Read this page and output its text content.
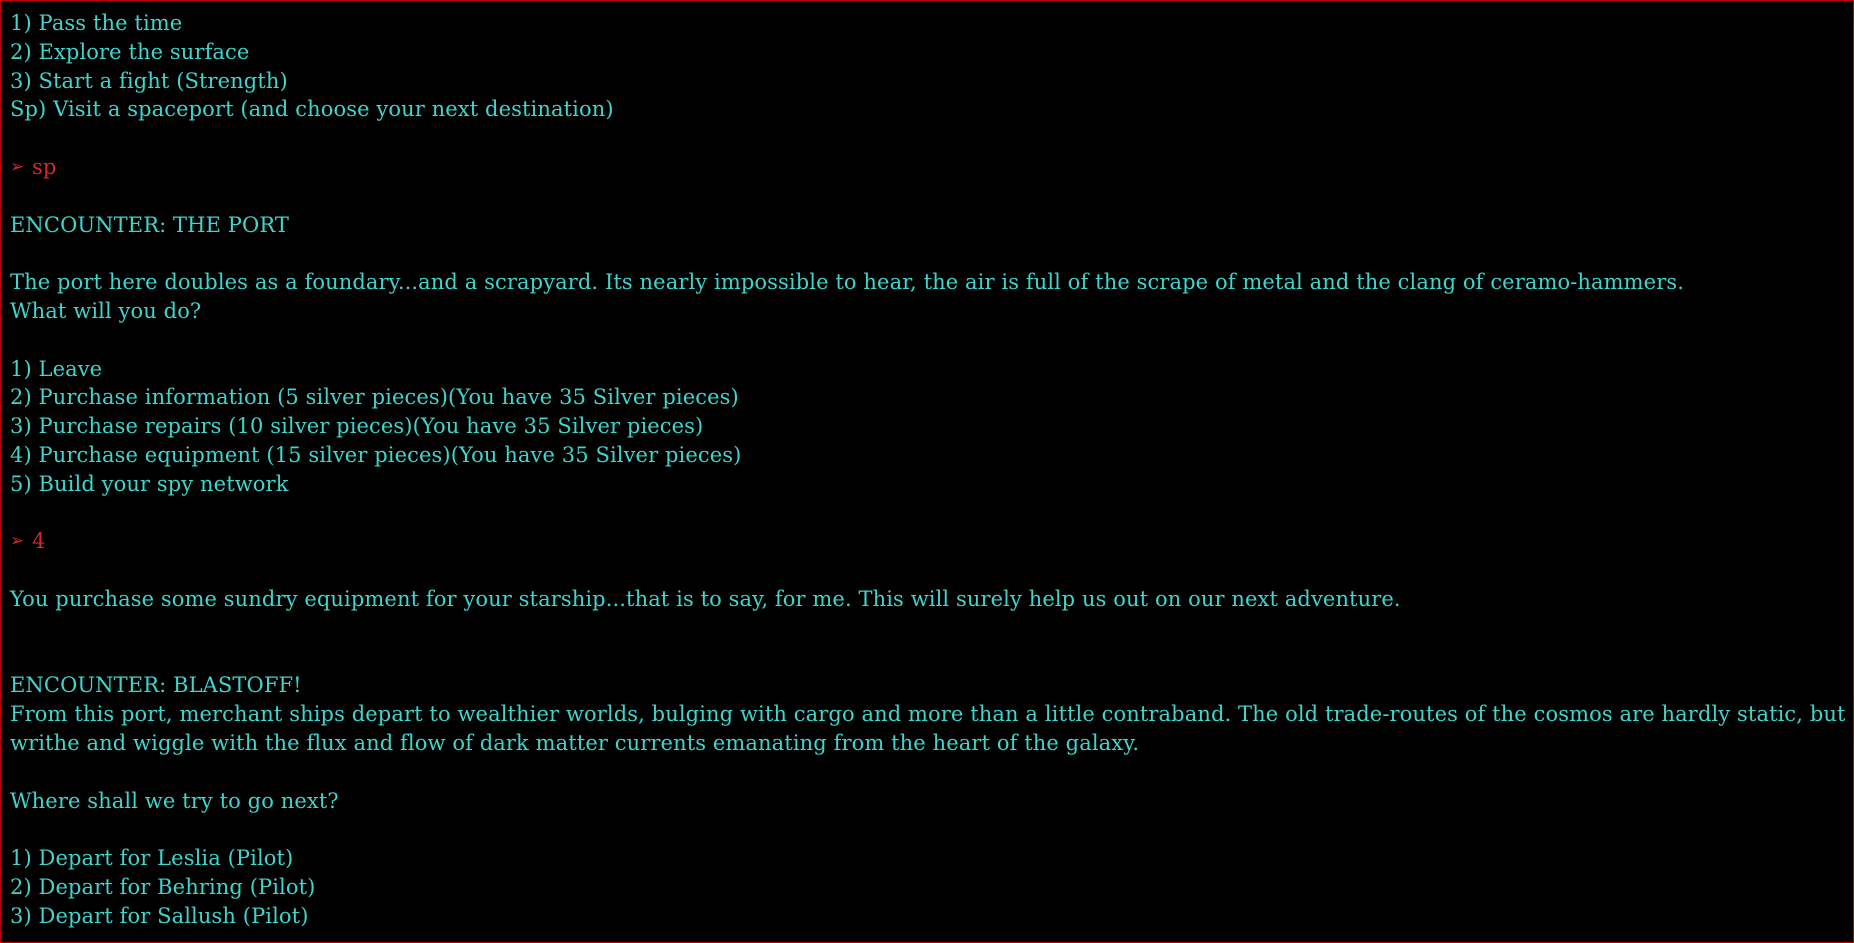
1) Pass the time
2) Explore the surface
3) Start a fight (Strength)
Sp) Visit a spaceport (and choose your next destination)
➢ sp
ENCOUNTER: THE PORT
The port here doubles as a foundary...and a scrapyard. Its nearly impossible to hear, the air is full of the scrape of metal and the clang of ceramo-hammers.
What will you do?
1) Leave
2) Purchase information (5 silver pieces)(You have 35 Silver pieces)
3) Purchase repairs (10 silver pieces)(You have 35 Silver pieces)
4) Purchase equipment (15 silver pieces)(You have 35 Silver pieces)
5) Build your spy network
➢ 4
You purchase some sundry equipment for your starship...that is to say, for me. This will surely help us out on our next adventure.
ENCOUNTER: BLASTOFF!
From this port, merchant ships depart to wealthier worlds, bulging with cargo and more than a little contraband. The old trade-routes of the cosmos are hardly static, but writhe and wiggle with the flux and flow of dark matter currents emanating from the heart of the galaxy.
Where shall we try to go next?
1) Depart for Leslia (Pilot)
2) Depart for Behring (Pilot)
3) Depart for Sallush (Pilot)
